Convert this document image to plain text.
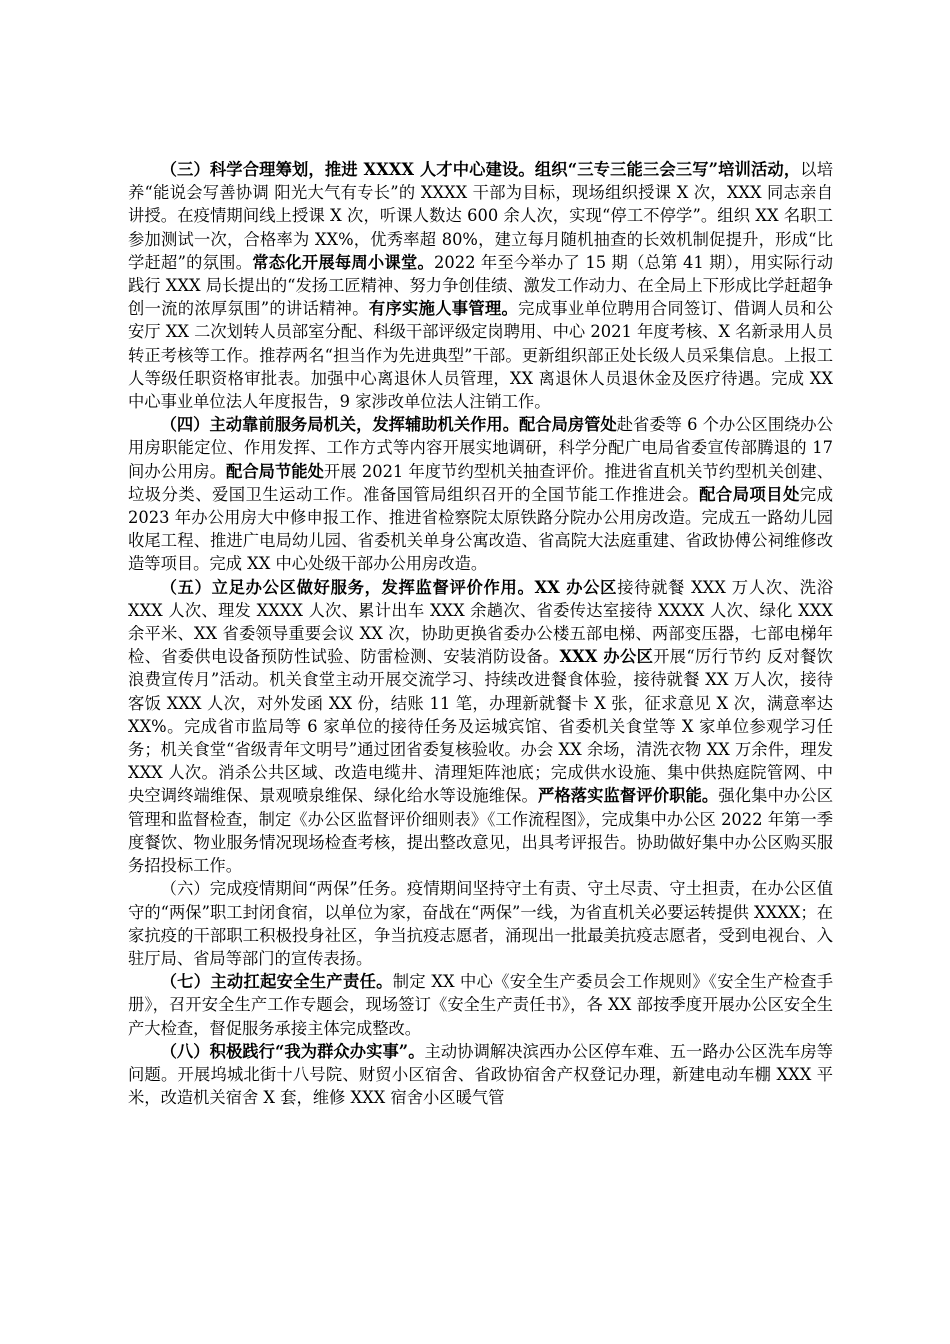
（三）科学合理筹划，推进 XXXX 人才中心建设。组织“三专三能三会三写”培训活动，以培养“能说会写善协调 阳光大气有专长”的 XXXX 干部为目标，现场组织授课 X 次，XXX 同志亲自讲授。在疫情期间线上授课 X 次，听课人数达 600 余人次，实现“停工不停学”。组织 XX 名职工参加测试一次，合格率为 XX%，优秀率超 80%，建立每月随机抽查的长效机制促提升，形成“比学赶超”的氛围。常态化开展每周小课堂。2022 年至今举办了 15 期（总第 41 期），用实际行动践行 XXX 局长提出的“发扬工匠精神、努力争创佳绩、激发工作动力、在全局上下形成比学赶超争创一流的浓厚氛围”的讲话精神。有序实施人事管理。完成事业单位聘用合同签订、借调人员和公安厅 XX 二次划转人员部室分配、科级干部评级定岗聘用、中心 2021 年度考核、X 名新录用人员转正考核等工作。推荐两名“担当作为先进典型”干部。更新组织部正处长级人员采集信息。上报工人等级任职资格审批表。加强中心离退休人员管理，XX 离退休人员退休金及医疗待遇。完成 XX 中心事业单位法人年度报告，9 家涉改单位法人注销工作。

（四）主动靠前服务局机关，发挥辅助机关作用。配合局房管处赴省委等 6 个办公区围绕办公用房职能定位、作用发挥、工作方式等内容开展实地调研，科学分配广电局省委宣传部腾退的 17 间办公用房。配合局节能处开展 2021 年度节约型机关抽查评价。推进省直机关节约型机关创建、垃圾分类、爱国卫生运动工作。准备国管局组织召开的全国节能工作推进会。配合局项目处完成 2023 年办公用房大中修申报工作、推进省检察院太原铁路分院办公用房改造。完成五一路幼儿园收尾工程、推进广电局幼儿园、省委机关单身公寓改造、省高院大法庭重建、省政协傅公祠维修改造等项目。完成 XX 中心处级干部办公用房改造。

（五）立足办公区做好服务，发挥监督评价作用。XX 办公区接待就餐 XXX 万人次、洗浴 XXX 人次、理发 XXXX 人次、累计出车 XXX 余趟次、省委传达室接待 XXXX 人次、绿化 XXX 余平米、XX 省委领导重要会议 XX 次，协助更换省委办公楼五部电梯、两部变压器，七部电梯年检、省委供电设备预防性试验、防雷检测、安装消防设备。XXX 办公区开展“厉行节约 反对餐饮浪费宣传月”活动。机关食堂主动开展交流学习、持续改进餐食体验，接待就餐 XX 万人次，接待客饭 XXX 人次，对外发函 XX 份，结账 11 笔，办理新就餐卡 X 张，征求意见 X 次，满意率达 XX%。完成省市监局等 6 家单位的接待任务及运城宾馆、省委机关食堂等 X 家单位参观学习任务；机关食堂“省级青年文明号”通过团省委复核验收。办会 XX 余场，清洗衣物 XX 万余件，理发 XXX 人次。消杀公共区域、改造电缆井、清理矩阵池底；完成供水设施、集中供热庭院管网、中央空调终端维保、景观喷泉维保、绿化给水等设施维保。严格落实监督评价职能。强化集中办公区管理和监督检查，制定《办公区监督评价细则表》《工作流程图》，完成集中办公区 2022 年第一季度餐饮、物业服务情况现场检查考核，提出整改意见，出具考评报告。协助做好集中办公区购买服务招投标工作。

（六）完成疫情期间“两保”任务。疫情期间坚持守土有责、守土尽责、守土担责，在办公区值守的“两保”职工封闭食宿，以单位为家，奋战在“两保”一线，为省直机关必要运转提供 XXXX；在家抗疫的干部职工积极投身社区，争当抗疫志愿者，涌现出一批最美抗疫志愿者，受到电视台、入驻厅局、省局等部门的宣传表扬。

（七）主动扛起安全生产责任。制定 XX 中心《安全生产委员会工作规则》《安全生产检查手册》，召开安全生产工作专题会，现场签订《安全生产责任书》，各 XX 部按季度开展办公区安全生产大检查，督促服务承接主体完成整改。

（八）积极践行“我为群众办实事”。主动协调解决滨西办公区停车难、五一路办公区洗车房等问题。开展坞城北街十八号院、财贸小区宿舍、省政协宿舍产权登记办理，新建电动车棚 XXX 平米，改造机关宿舍 X 套，维修 XXX 宿舍小区暖气管
